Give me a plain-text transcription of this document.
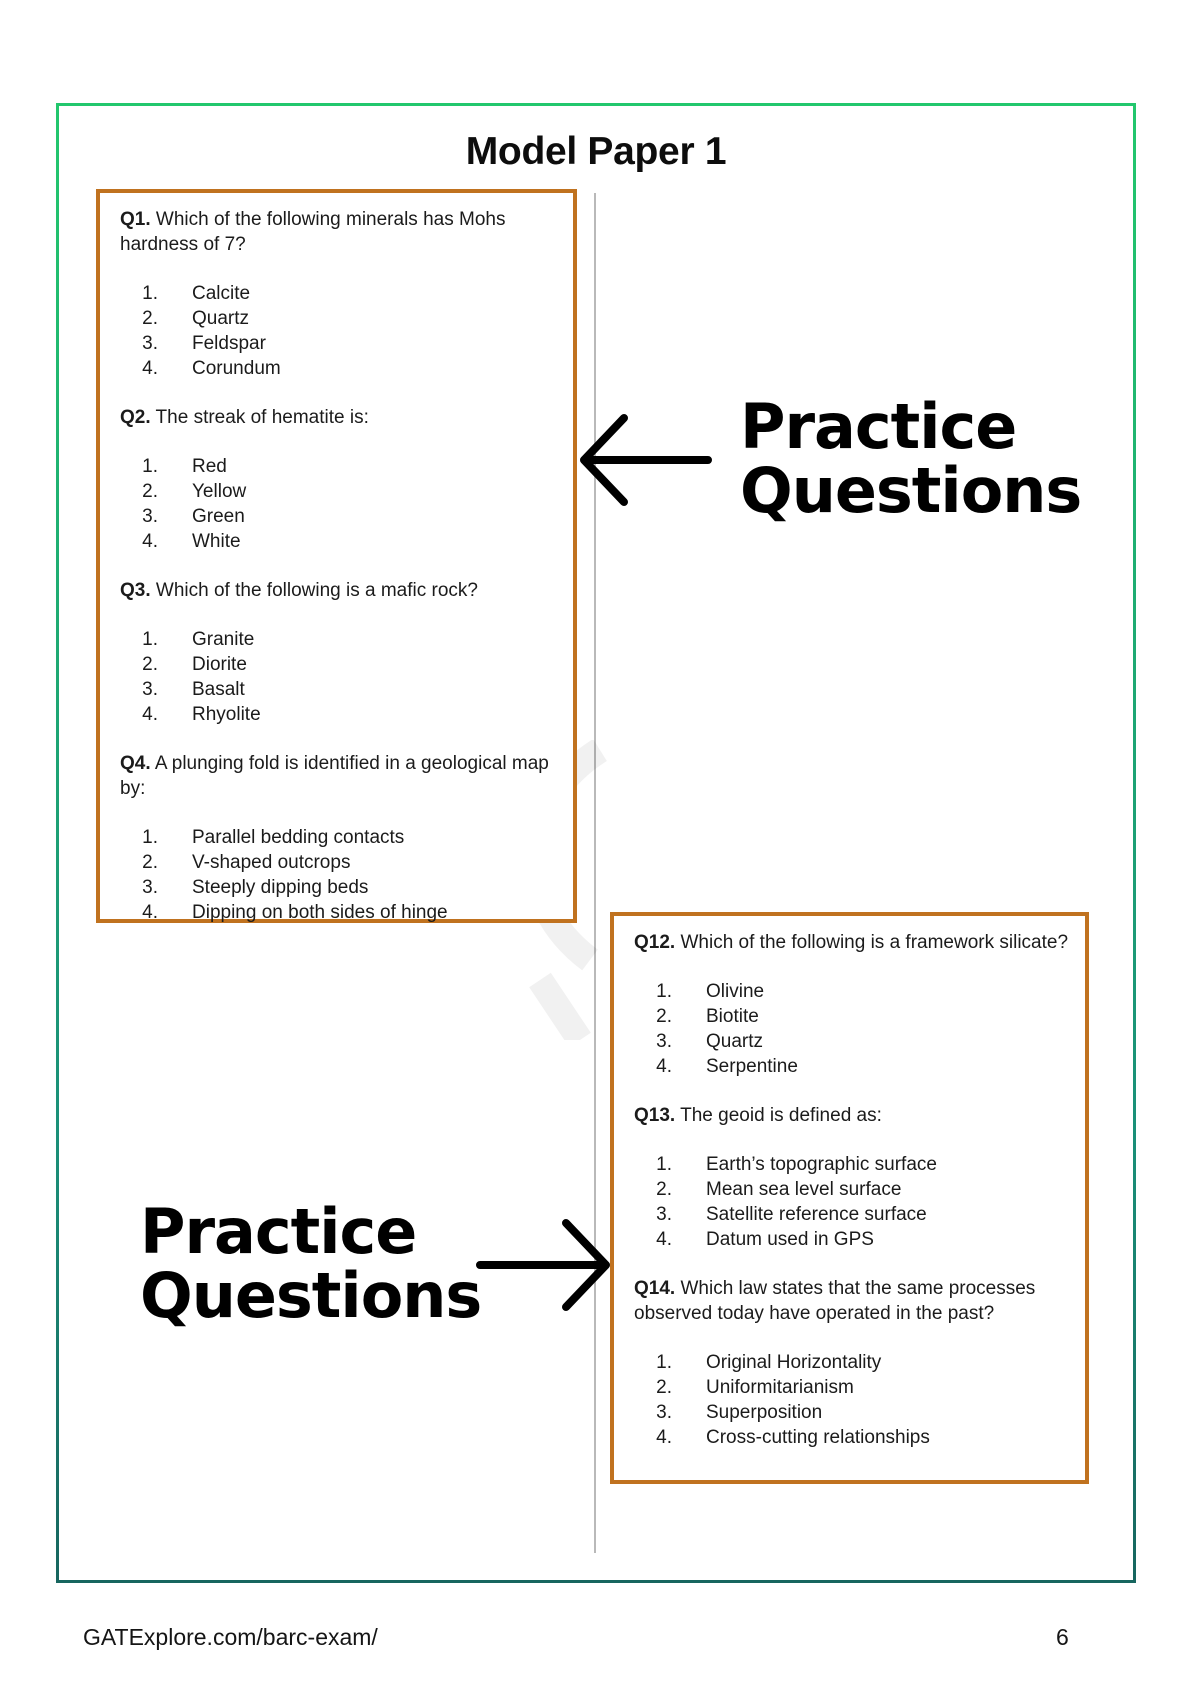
Model Paper 1
Q1. Which of the following minerals has Mohs hardness of 7?
1. Calcite
2. Quartz
3. Feldspar
4. Corundum
Q2. The streak of hematite is:
1. Red
2. Yellow
3. Green
4. White
Q3. Which of the following is a mafic rock?
1. Granite
2. Diorite
3. Basalt
4. Rhyolite
Q4. A plunging fold is identified in a geological map by:
1. Parallel bedding contacts
2. V-shaped outcrops
3. Steeply dipping beds
4. Dipping on both sides of hinge
Q12. Which of the following is a framework silicate?
1. Olivine
2. Biotite
3. Quartz
4. Serpentine
Q13. The geoid is defined as:
1. Earth’s topographic surface
2. Mean sea level surface
3. Satellite reference surface
4. Datum used in GPS
Q14. Which law states that the same processes observed today have operated in the past?
1. Original Horizontality
2. Uniformitarianism
3. Superposition
4. Cross-cutting relationships
Practice
Questions
Practice
Questions
GATExplore.com/barc-exam/	6
